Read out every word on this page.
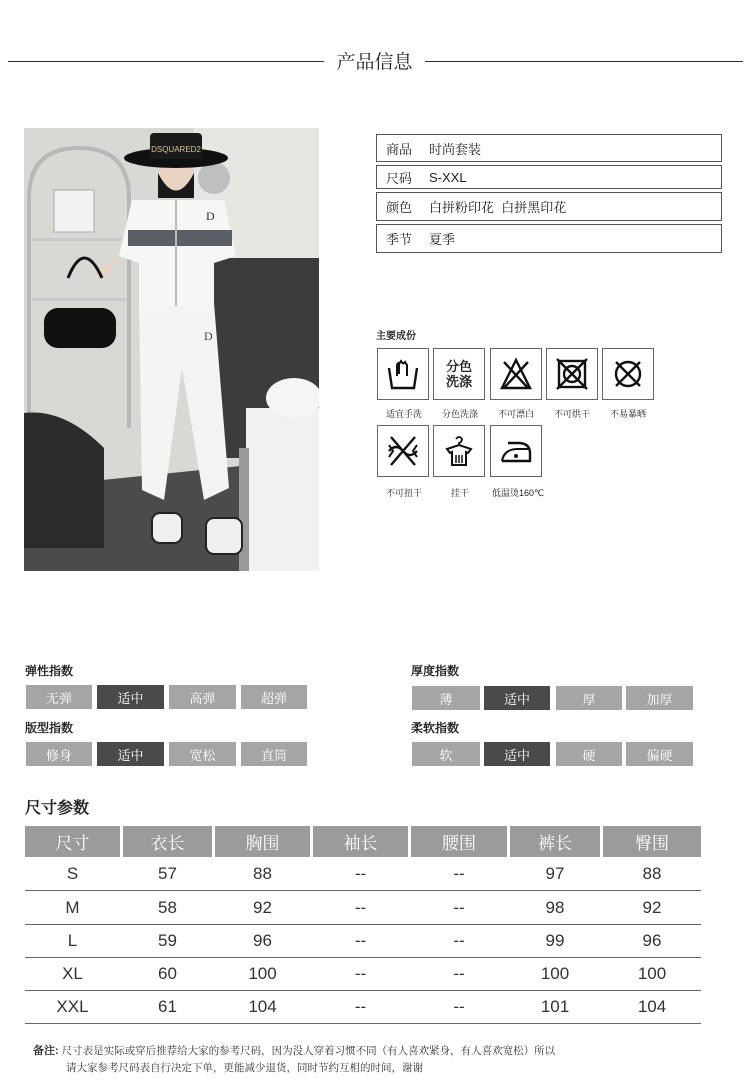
产品信息
DSQUARED2
D
D
商品	时尚套装
尺码	S-XXL
颜色	白拼粉印花  白拼黑印花
季节	夏季
主要成份
分色
洗涤
适宜手洗	分色洗涤	不可漂白	不可烘干	不易暴晒
不可扭干	挂干	低温烫160℃
弹性指数
无弹	适中	高弹	超弹
厚度指数
薄	适中	厚	加厚
版型指数
修身	适中	宽松	直筒
柔软指数
软	适中	硬	偏硬
尺寸参数
尺寸	衣长	胸围	袖长	腰围	裤长	臀围
S	57	88	--	--	97	88
M	58	92	--	--	98	92
L	59	96	--	--	99	96
XL	60	100	--	--	100	100
XXL	61	104	--	--	101	104
备注: 尺寸表是实际或穿后推荐给大家的参考尺码，因为没人穿着习惯不同（有人喜欢紧身，有人喜欢宽松）所以
请大家参考尺码表自行决定下单，更能减少退货，同时节约互相的时间，谢谢
